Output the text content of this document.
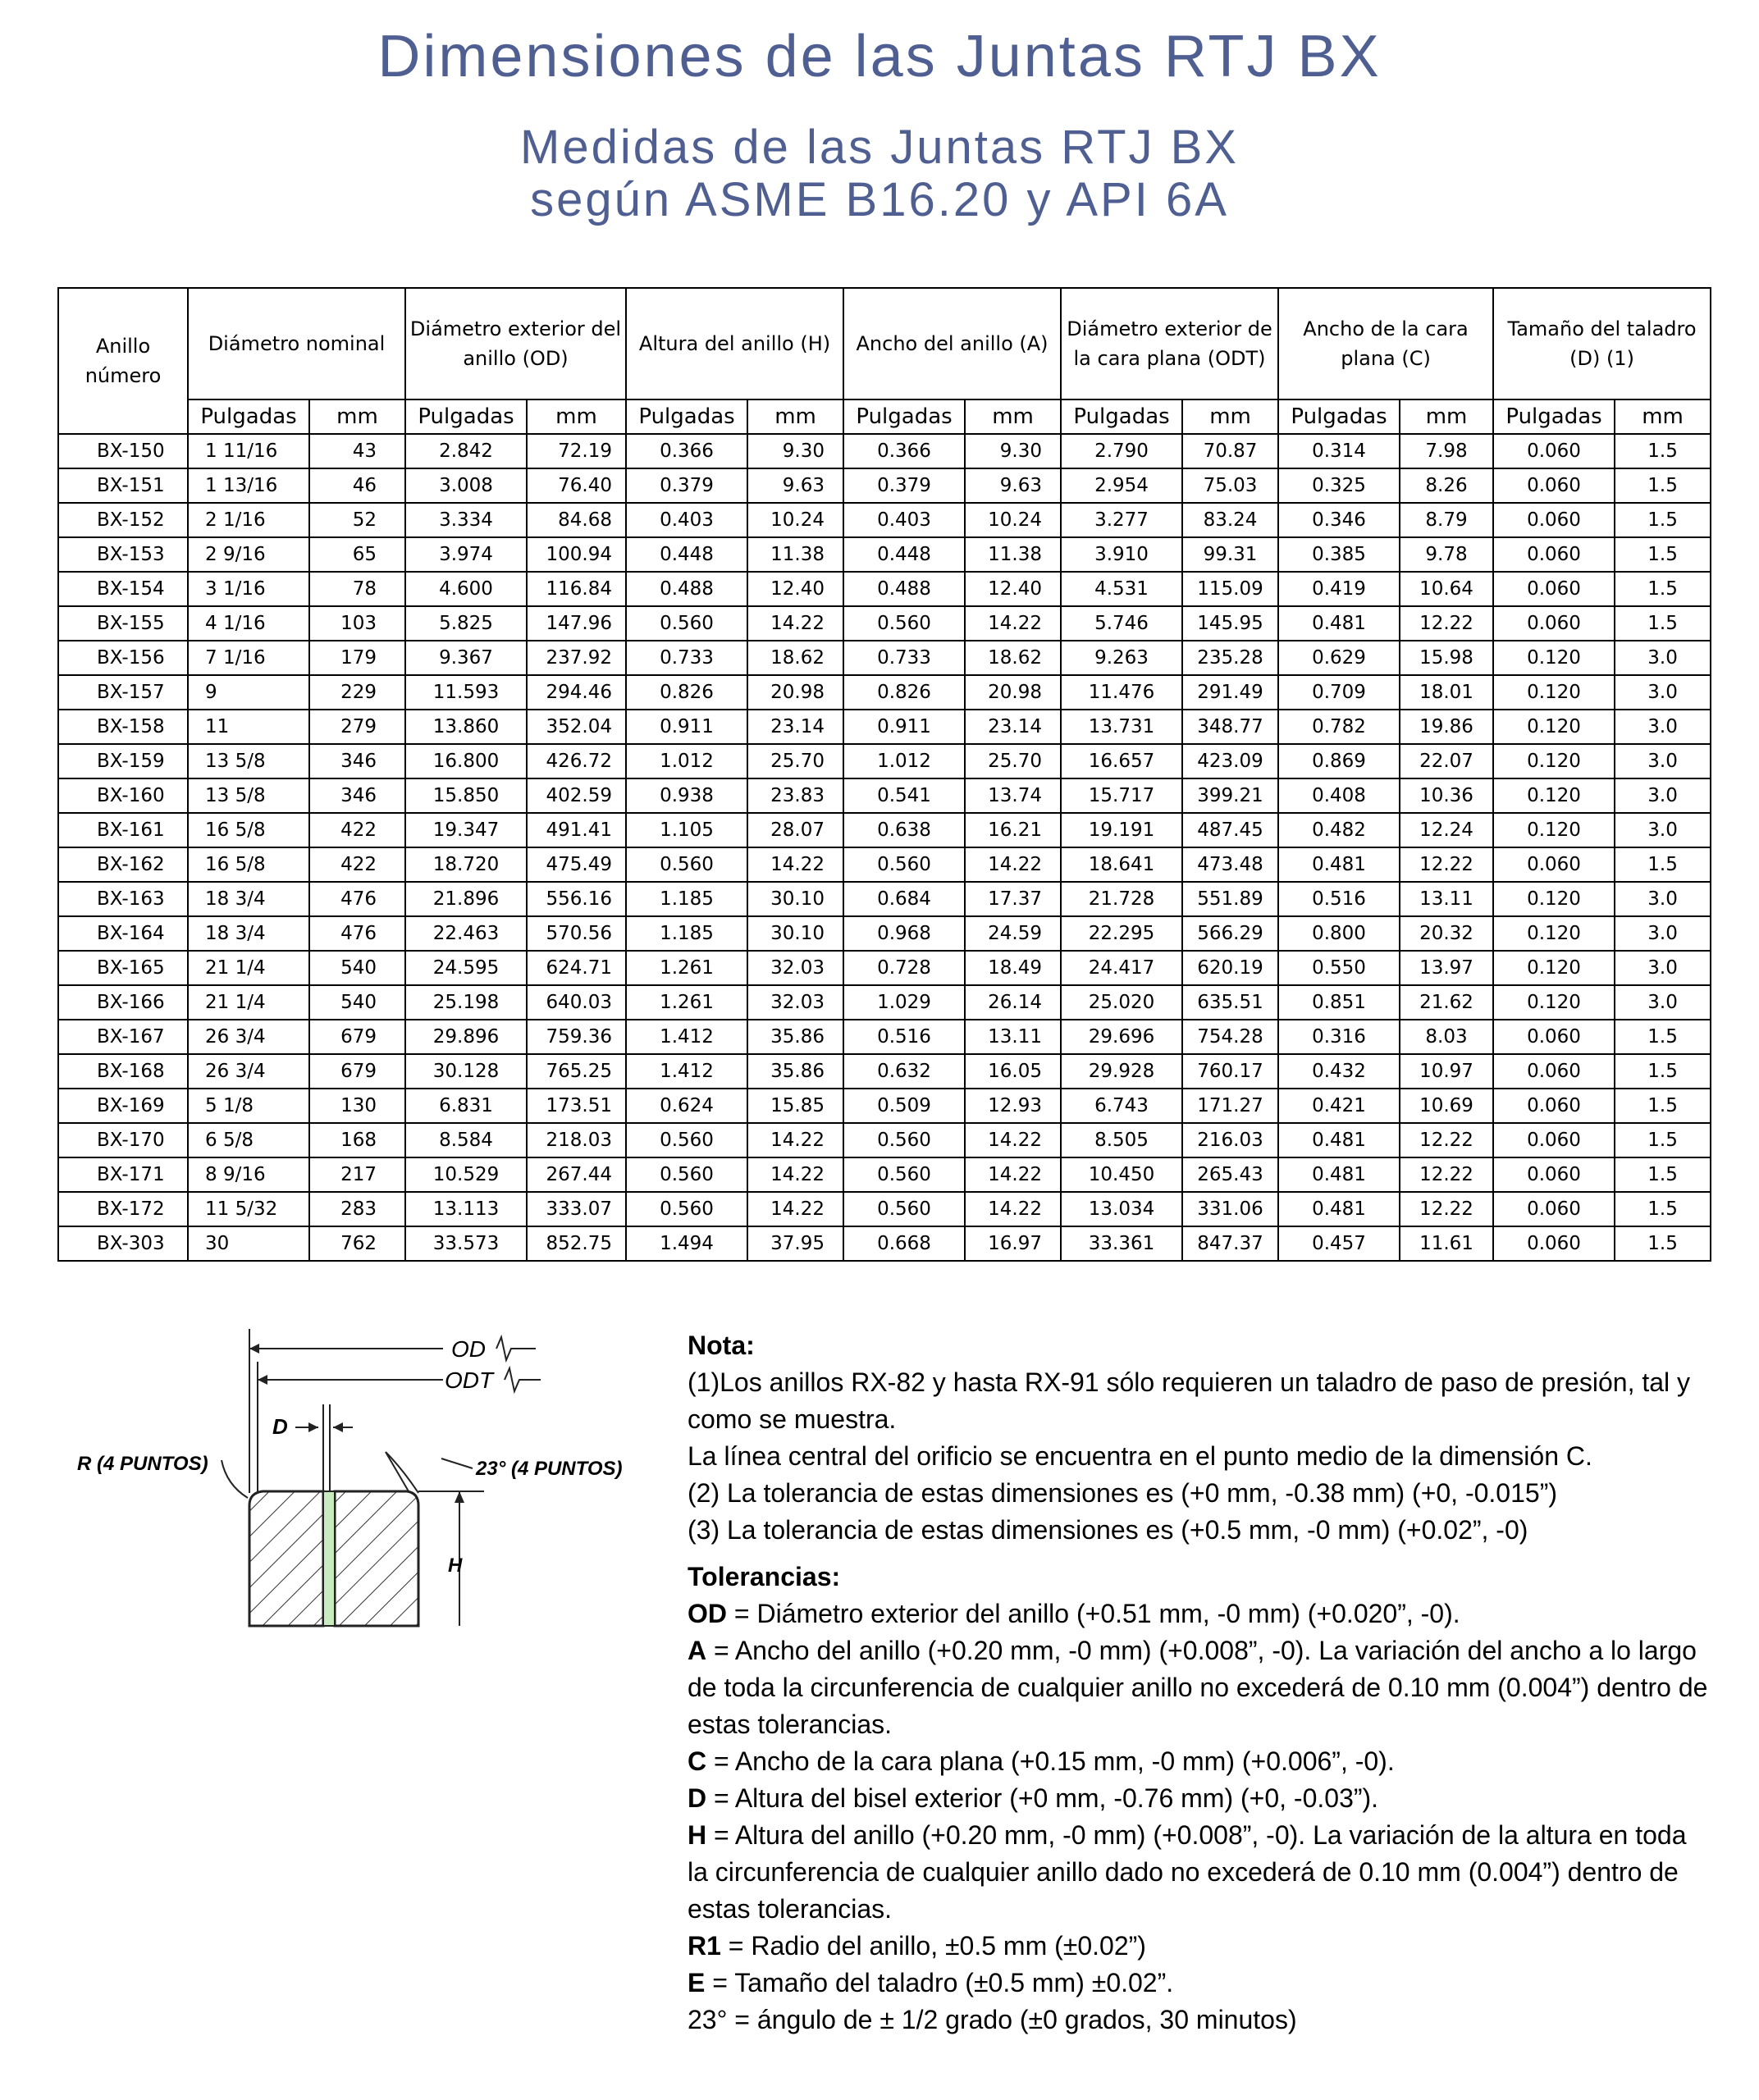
Dimensiones de las Juntas RTJ BX
Medidas de las Juntas RTJ BX
según ASME B16.20 y API 6A
Anillo número	Diámetro nominal		Diámetro exterior del anillo (OD)		Altura del anillo (H)		Ancho del anillo (A)		Diámetro exterior de la cara plana (ODT)		Ancho de la cara plana (C)		Tamaño del taladro (D) (1)	
	Pulgadas	mm	Pulgadas	mm	Pulgadas	mm	Pulgadas	mm	Pulgadas	mm	Pulgadas	mm	Pulgadas	mm
BX-150	1 11/16	43	2.842	72.19	0.366	9.30	0.366	9.30	2.790	70.87	0.314	7.98	0.060	1.5
BX-151	1 13/16	46	3.008	76.40	0.379	9.63	0.379	9.63	2.954	75.03	0.325	8.26	0.060	1.5
BX-152	2 1/16	52	3.334	84.68	0.403	10.24	0.403	10.24	3.277	83.24	0.346	8.79	0.060	1.5
BX-153	2 9/16	65	3.974	100.94	0.448	11.38	0.448	11.38	3.910	99.31	0.385	9.78	0.060	1.5
BX-154	3 1/16	78	4.600	116.84	0.488	12.40	0.488	12.40	4.531	115.09	0.419	10.64	0.060	1.5
BX-155	4 1/16	103	5.825	147.96	0.560	14.22	0.560	14.22	5.746	145.95	0.481	12.22	0.060	1.5
BX-156	7 1/16	179	9.367	237.92	0.733	18.62	0.733	18.62	9.263	235.28	0.629	15.98	0.120	3.0
BX-157	9	229	11.593	294.46	0.826	20.98	0.826	20.98	11.476	291.49	0.709	18.01	0.120	3.0
BX-158	11	279	13.860	352.04	0.911	23.14	0.911	23.14	13.731	348.77	0.782	19.86	0.120	3.0
BX-159	13 5/8	346	16.800	426.72	1.012	25.70	1.012	25.70	16.657	423.09	0.869	22.07	0.120	3.0
BX-160	13 5/8	346	15.850	402.59	0.938	23.83	0.541	13.74	15.717	399.21	0.408	10.36	0.120	3.0
BX-161	16 5/8	422	19.347	491.41	1.105	28.07	0.638	16.21	19.191	487.45	0.482	12.24	0.120	3.0
BX-162	16 5/8	422	18.720	475.49	0.560	14.22	0.560	14.22	18.641	473.48	0.481	12.22	0.060	1.5
BX-163	18 3/4	476	21.896	556.16	1.185	30.10	0.684	17.37	21.728	551.89	0.516	13.11	0.120	3.0
BX-164	18 3/4	476	22.463	570.56	1.185	30.10	0.968	24.59	22.295	566.29	0.800	20.32	0.120	3.0
BX-165	21 1/4	540	24.595	624.71	1.261	32.03	0.728	18.49	24.417	620.19	0.550	13.97	0.120	3.0
BX-166	21 1/4	540	25.198	640.03	1.261	32.03	1.029	26.14	25.020	635.51	0.851	21.62	0.120	3.0
BX-167	26 3/4	679	29.896	759.36	1.412	35.86	0.516	13.11	29.696	754.28	0.316	8.03	0.060	1.5
BX-168	26 3/4	679	30.128	765.25	1.412	35.86	0.632	16.05	29.928	760.17	0.432	10.97	0.060	1.5
BX-169	5 1/8	130	6.831	173.51	0.624	15.85	0.509	12.93	6.743	171.27	0.421	10.69	0.060	1.5
BX-170	6 5/8	168	8.584	218.03	0.560	14.22	0.560	14.22	8.505	216.03	0.481	12.22	0.060	1.5
BX-171	8 9/16	217	10.529	267.44	0.560	14.22	0.560	14.22	10.450	265.43	0.481	12.22	0.060	1.5
BX-172	11 5/32	283	13.113	333.07	0.560	14.22	0.560	14.22	13.034	331.06	0.481	12.22	0.060	1.5
BX-303	30	762	33.573	852.75	1.494	37.95	0.668	16.97	33.361	847.37	0.457	11.61	0.060	1.5
OD
ODT
D
R (4 PUNTOS)	23° (4 PUNTOS)
H

Nota:

(1)Los anillos RX-82 y hasta RX-91 sólo requieren un taladro de paso de presión, tal y como se muestra.

La línea central del orificio se encuentra en el punto medio de la dimensión C.

(2) La tolerancia de estas dimensiones es (+0 mm, -0.38 mm) (+0, -0.015”)

(3) La tolerancia de estas dimensiones es (+0.5 mm, -0 mm) (+0.02”, -0)

Tolerancias:

OD = Diámetro exterior del anillo (+0.51 mm, -0 mm) (+0.020”, -0).

A = Ancho del anillo (+0.20 mm, -0 mm) (+0.008”, -0). La variación del ancho a lo largo de toda la circunferencia de cualquier anillo no excederá de 0.10 mm (0.004”) dentro de estas tolerancias.

C = Ancho de la cara plana (+0.15 mm, -0 mm) (+0.006”, -0).

D = Altura del bisel exterior (+0 mm, -0.76 mm) (+0, -0.03”).

H = Altura del anillo (+0.20 mm, -0 mm) (+0.008”, -0). La variación de la altura en toda la circunferencia de cualquier anillo dado no excederá de 0.10 mm (0.004”) dentro de estas tolerancias.

R1 = Radio del anillo, ±0.5 mm (±0.02”)

E = Tamaño del taladro (±0.5 mm) ±0.02”.

23° = ángulo de ± 1/2 grado (±0 grados, 30 minutos)
